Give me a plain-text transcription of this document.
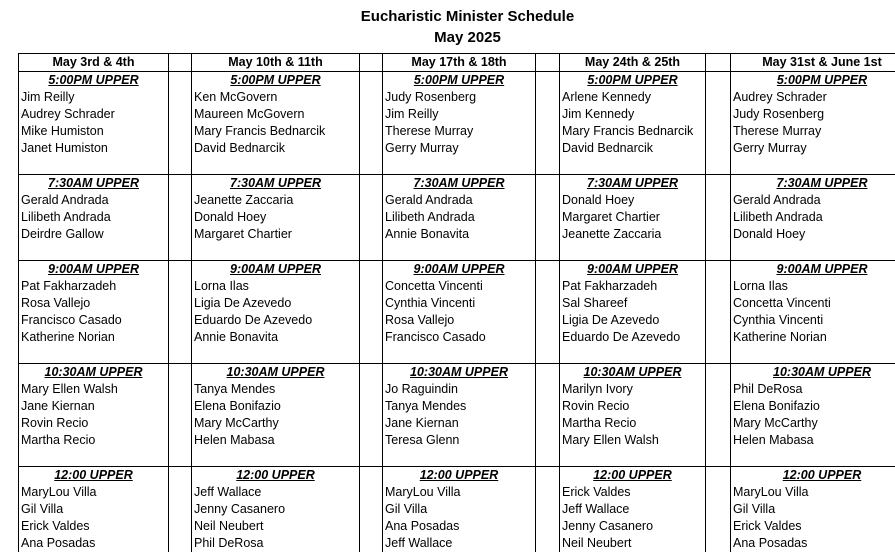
Eucharistic Minister Schedule
May 2025
May 3rd & 4th		May 10th & 11th		May 17th & 18th		May 24th & 25th		May 31st & June 1st
5:00PM UPPER		5:00PM UPPER		5:00PM UPPER		5:00PM UPPER		5:00PM UPPER
Jim Reilly		Ken McGovern		Judy Rosenberg		Arlene Kennedy		Audrey Schrader
Audrey Schrader		Maureen McGovern		Jim Reilly		Jim Kennedy		Judy Rosenberg
Mike Humiston		Mary Francis Bednarcik		Therese Murray		Mary Francis Bednarcik		Therese Murray
Janet Humiston		David Bednarcik		Gerry Murray		David Bednarcik		Gerry Murray

7:30AM UPPER		7:30AM UPPER		7:30AM UPPER		7:30AM UPPER		7:30AM UPPER
Gerald Andrada		Jeanette Zaccaria		Gerald Andrada		Donald Hoey		Gerald Andrada
Lilibeth Andrada		Donald Hoey		Lilibeth Andrada		Margaret Chartier		Lilibeth Andrada
Deirdre Gallow		Margaret Chartier		Annie Bonavita		Jeanette Zaccaria		Donald Hoey

9:00AM UPPER		9:00AM UPPER		9:00AM UPPER		9:00AM UPPER		9:00AM UPPER
Pat Fakharzadeh		Lorna Ilas		Concetta Vincenti		Pat Fakharzadeh		Lorna Ilas
Rosa Vallejo		Ligia De Azevedo		Cynthia Vincenti		Sal Shareef		Concetta Vincenti
Francisco Casado		Eduardo De Azevedo		Rosa Vallejo		Ligia De Azevedo		Cynthia Vincenti
Katherine Norian		Annie Bonavita		Francisco Casado		Eduardo De Azevedo		Katherine Norian

10:30AM UPPER		10:30AM UPPER		10:30AM UPPER		10:30AM UPPER		10:30AM UPPER
Mary Ellen Walsh		Tanya Mendes		Jo Raguindin		Marilyn Ivory		Phil DeRosa
Jane Kiernan		Elena Bonifazio		Tanya Mendes		Rovin Recio		Elena Bonifazio
Rovin Recio		Mary McCarthy		Jane Kiernan		Martha Recio		Mary McCarthy
Martha Recio		Helen Mabasa		Teresa Glenn		Mary Ellen Walsh		Helen Mabasa

12:00 UPPER		12:00 UPPER		12:00 UPPER		12:00 UPPER		12:00 UPPER
MaryLou Villa		Jeff Wallace		MaryLou Villa		Erick Valdes		MaryLou Villa
Gil Villa		Jenny Casanero		Gil Villa		Jeff Wallace		Gil Villa
Erick Valdes		Neil Neubert		Ana Posadas		Jenny Casanero		Erick Valdes
Ana Posadas		Phil DeRosa		Jeff Wallace		Neil Neubert		Ana Posadas
